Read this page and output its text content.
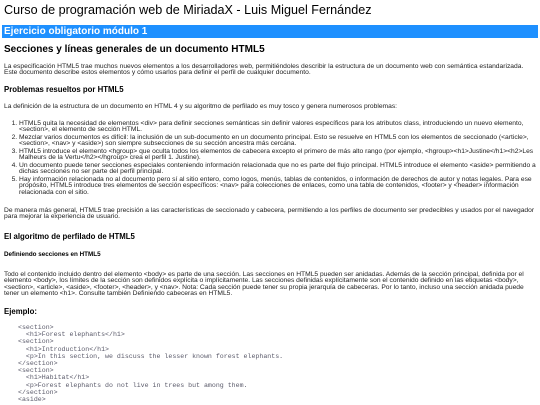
Curso de programación web de MiriadaX - Luis Miguel Fernández
Ejercicio obligatorio módulo 1
Secciones y líneas generales de un documento HTML5

La especificación HTML5 trae muchos nuevos elementos a los desarrolladores web, permitiéndoles describir la estructura de un documento web con semántica estandarizada. Este documento describe estos elementos y cómo usarlos para definir el perfil de cualquier documento.

Problemas resueltos por HTML5

La definición de la estructura de un documento en HTML 4 y su algoritmo de perfilado es muy tosco y genera numerosos problemas:

1. HTML5 quita la necesidad de elementos <div> para definir secciones semánticas sin definir valores específicos para los atributos class, introduciendo un nuevo elemento, <section>, el elemento de sección HTML.
2. Mezclar varios documentos es difícil: la inclusión de un sub-documento en un documento principal. Esto se resuelve en HTML5 con los elementos de seccionado (<article>, <section>, <nav> y <aside>) son siempre subsecciones de su sección ancestra más cercana.
3. HTML5 introduce el elemento <hgroup> que oculta todos los elementos de cabecera excepto el primero de más alto rango (por ejemplo, <hgroup><h1>Justine</h1><h2>Les Malheurs de la Vertu</h2></hgroup> crea el perfil 1. Justine).
4. Un documento puede tener secciones especiales conteniendo información relacionada que no es parte del flujo principal. HTML5 introduce el elemento <aside> permitiendo a dichas secciones no ser parte del perfil principal.
5. Hay información relacionada no al documento pero sí al sitio entero, como logos, menús, tablas de contenidos, o información de derechos de autor y notas legales. Para ese propósito, HTML5 introduce tres elementos de sección específicos: <nav> para colecciones de enlaces, como una tabla de contenidos, <footer> y <header> información relacionada con el sitio.

De manera más general, HTML5 trae precisión a las características de seccionado y cabecera, permitiendo a los perfiles de documento ser predecibles y usados por el navegador para mejorar la experiencia de usuario.

El algoritmo de perfilado de HTML5
Definiendo secciones en HTML5

Todo el contenido incluido dentro del elemento <body> es parte de una sección. Las secciones en HTML5 pueden ser anidadas. Además de la sección principal, definida por el elemento <body>, los límites de la sección son definidos explícita o implícitamente. Las secciones definidas explícitamente son el contenido definido en las etiquetas <body>, <section>, <article>, <aside>, <footer>, <header>, y <nav>. Nota: Cada sección puede tener su propia jerarquía de cabeceras. Por lo tanto, incluso una sección anidada puede tener un elemento <h1>. Consulte también Definiendo cabeceras en HTML5.

Ejemplo:
<section>
<h1>Forest elephants</h1>
<section>
<h1>Introduction</h1>
<p>In this section, we discuss the lesser known forest elephants.
</section>
<section>
<h1>Habitat</h1>
<p>Forest elephants do not live in trees but among them.
</section>
<aside>
